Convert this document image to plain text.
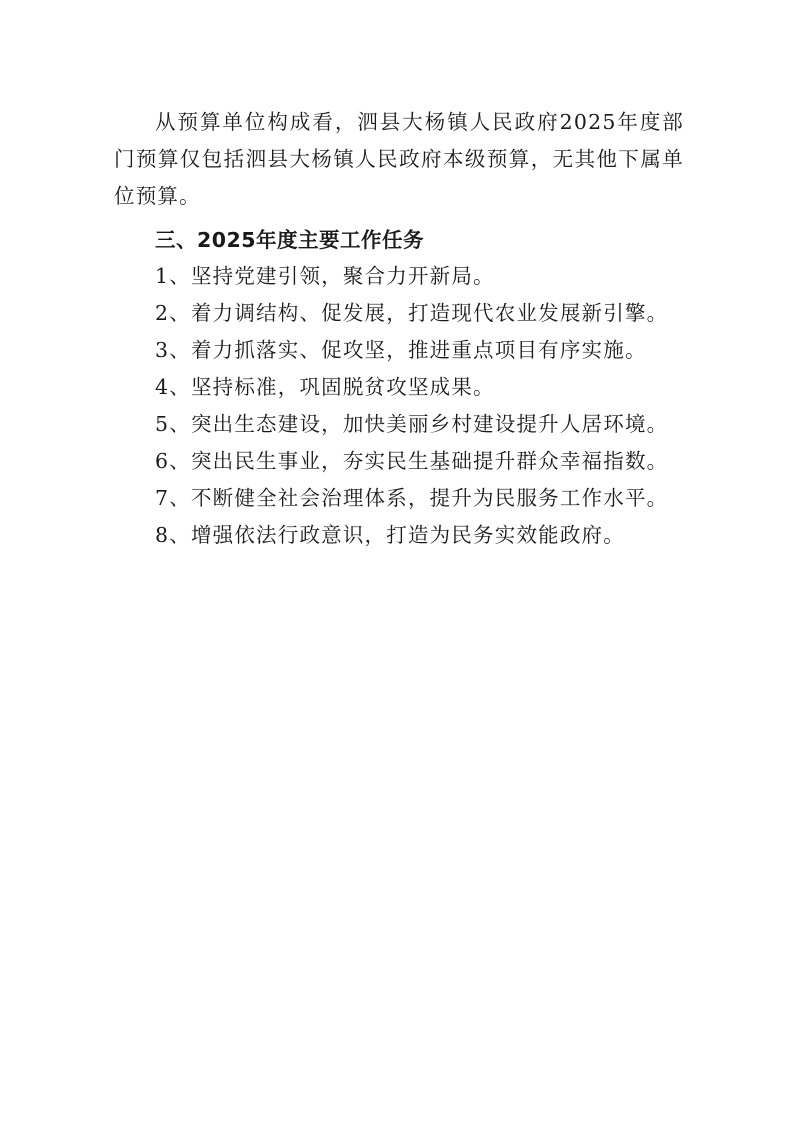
从预算单位构成看，泗县大杨镇人民政府2025年度部门预算仅包括泗县大杨镇人民政府本级预算，无其他下属单位预算。

三、2025年度主要工作任务
1、坚持党建引领，聚合力开新局。
2、着力调结构、促发展，打造现代农业发展新引擎。
3、着力抓落实、促攻坚，推进重点项目有序实施。
4、坚持标准，巩固脱贫攻坚成果。
5、突出生态建设，加快美丽乡村建设提升人居环境。
6、突出民生事业，夯实民生基础提升群众幸福指数。
7、不断健全社会治理体系，提升为民服务工作水平。
8、增强依法行政意识，打造为民务实效能政府。
